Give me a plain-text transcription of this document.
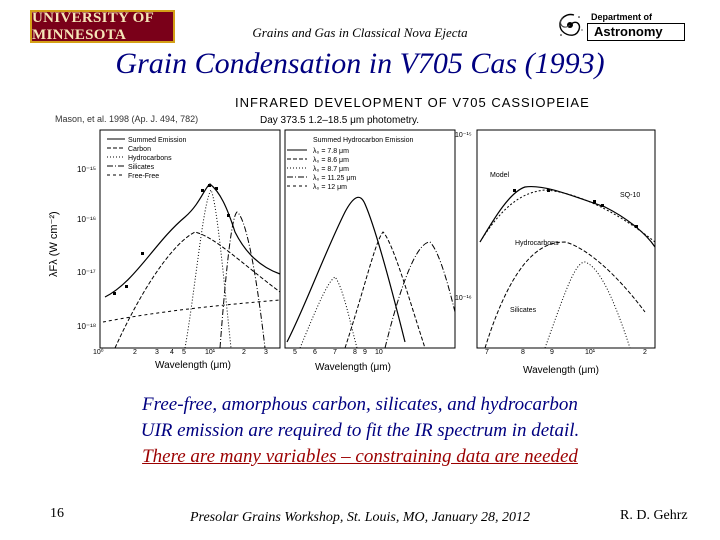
UNIVERSITY OF MINNESOTA	Grains and Gas in Classical Nova Ejecta
Department of
Astronomy
Grain Condensation in V705 Cas (1993)
INFRARED DEVELOPMENT OF V705 CASSIOPEIAE
Mason, et al. 1998 (Ap. J. 494, 782)	Day 373.5 1.2–18.5 μm photometry.
λFλ (W cm⁻²)
Summed Emission
Carbon
Hydrocarbons
Silicates
Free-Free
10⁻¹⁵
10⁻¹⁶
10⁻¹⁷
10⁻¹⁸
10⁰	2	3 4 5	10¹	2	3
Summed Hydrocarbon Emission
λ₀ = 7.8 μm
λ₀ = 8.6 μm
λ₀ = 8.7 μm
λ₀ = 11.25 μm
λ₀ = 12 μm
5 6 7 8 9 10
10⁻¹⁵
10⁻¹⁶
Model
SQ-10
Hydrocarbons
Silicates
7	8	9	10¹	2
Wavelength (μm)	Wavelength (μm)	Wavelength (μm)
Free-free, amorphous carbon, silicates, and hydrocarbon
UIR emission are required to fit the IR spectrum in detail.
There are many variables – constraining data are needed
16	Presolar Grains Workshop, St. Louis, MO, January 28, 2012	R. D. Gehrz
